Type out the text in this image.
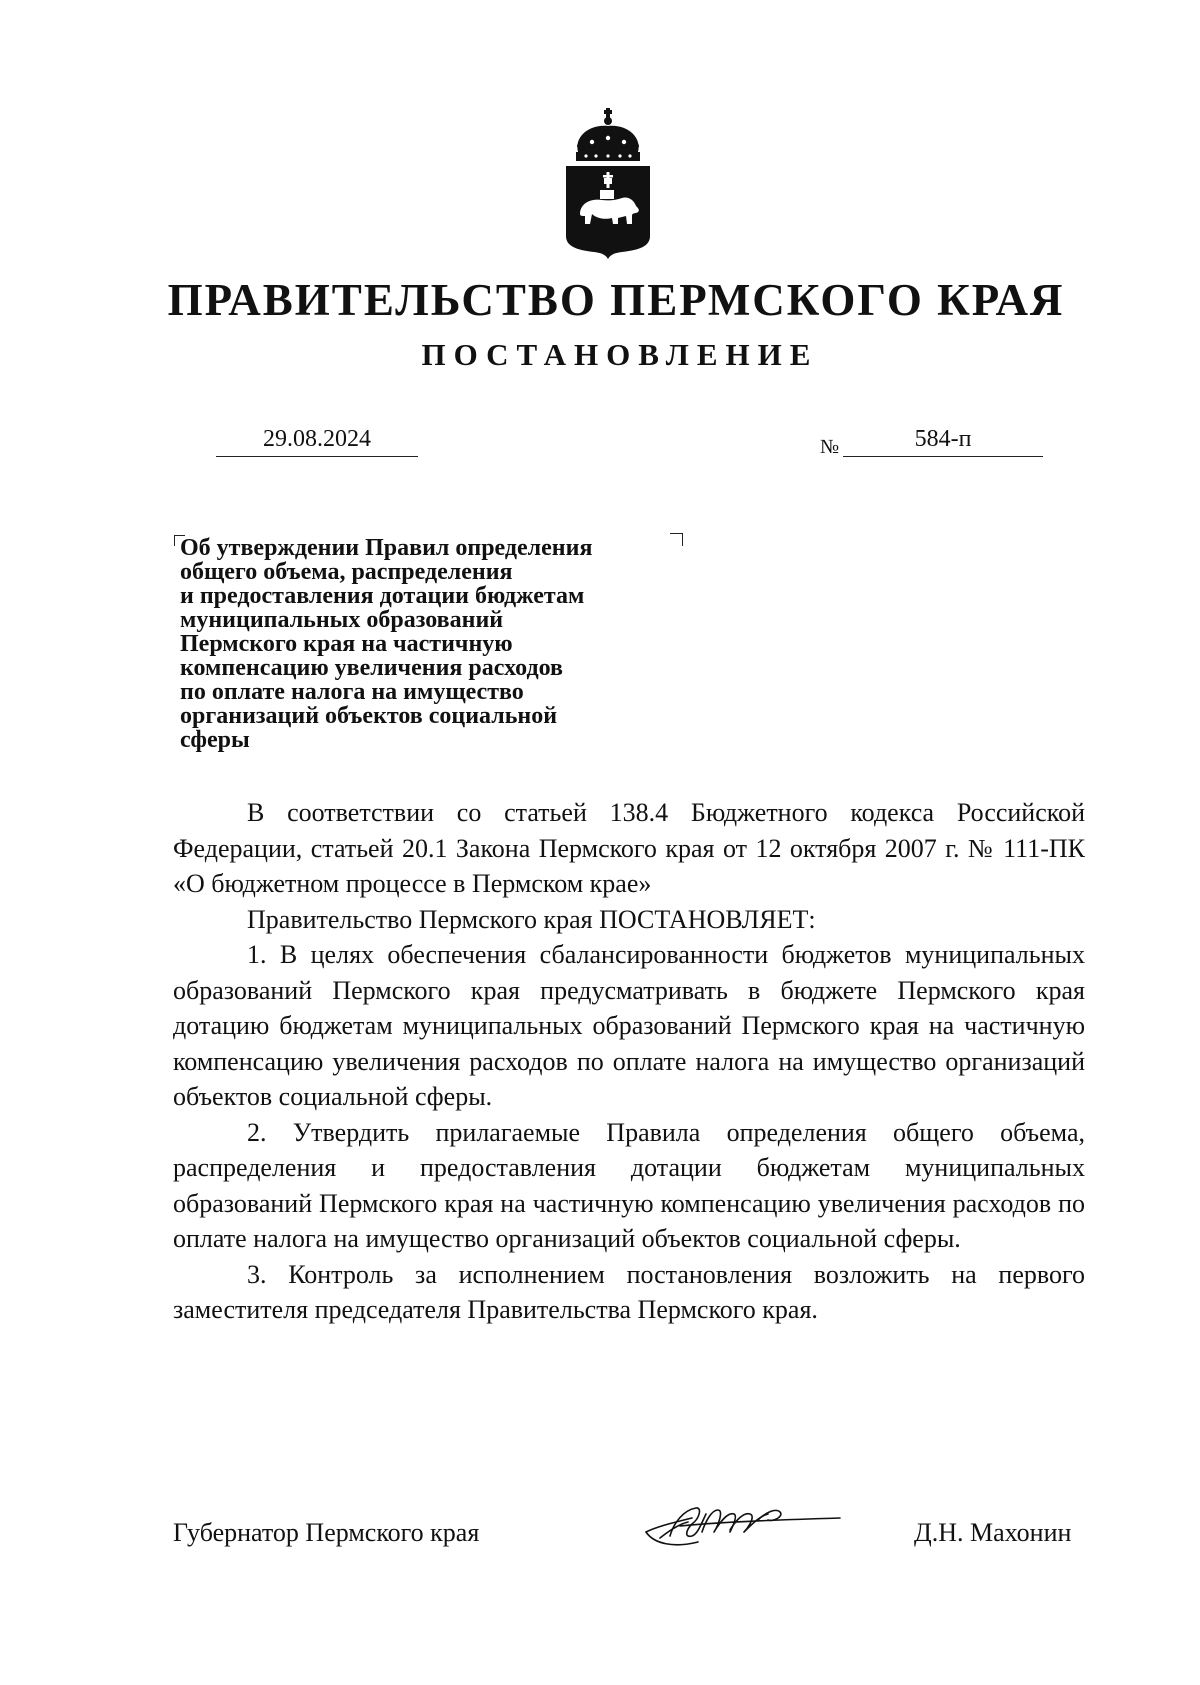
ПРАВИТЕЛЬСТВО ПЕРМСКОГО КРАЯ
ПОСТАНОВЛЕНИЕ
29.08.2024	№	584-п
Об утверждении Правил определения
общего объема, распределения
и предоставления дотации бюджетам
муниципальных образований
Пермского края на частичную
компенсацию увеличения расходов
по оплате налога на имущество
организаций объектов социальной
сферы

В соответствии со статьей 138.4 Бюджетного кодекса Российской Федерации, статьей 20.1 Закона Пермского края от 12 октября 2007 г. № 111-ПК «О бюджетном процессе в Пермском крае»

Правительство Пермского края ПОСТАНОВЛЯЕТ:

1. В целях обеспечения сбалансированности бюджетов муниципальных образований Пермского края предусматривать в бюджете Пермского края дотацию бюджетам муниципальных образований Пермского края на частичную компенсацию увеличения расходов по оплате налога на имущество организаций объектов социальной сферы.

2. Утвердить прилагаемые Правила определения общего объема, распределения и предоставления дотации бюджетам муниципальных образований Пермского края на частичную компенсацию увеличения расходов по оплате налога на имущество организаций объектов социальной сферы.

3. Контроль за исполнением постановления возложить на первого заместителя председателя Правительства Пермского края.

Губернатор Пермского края	Д.Н. Махонин
